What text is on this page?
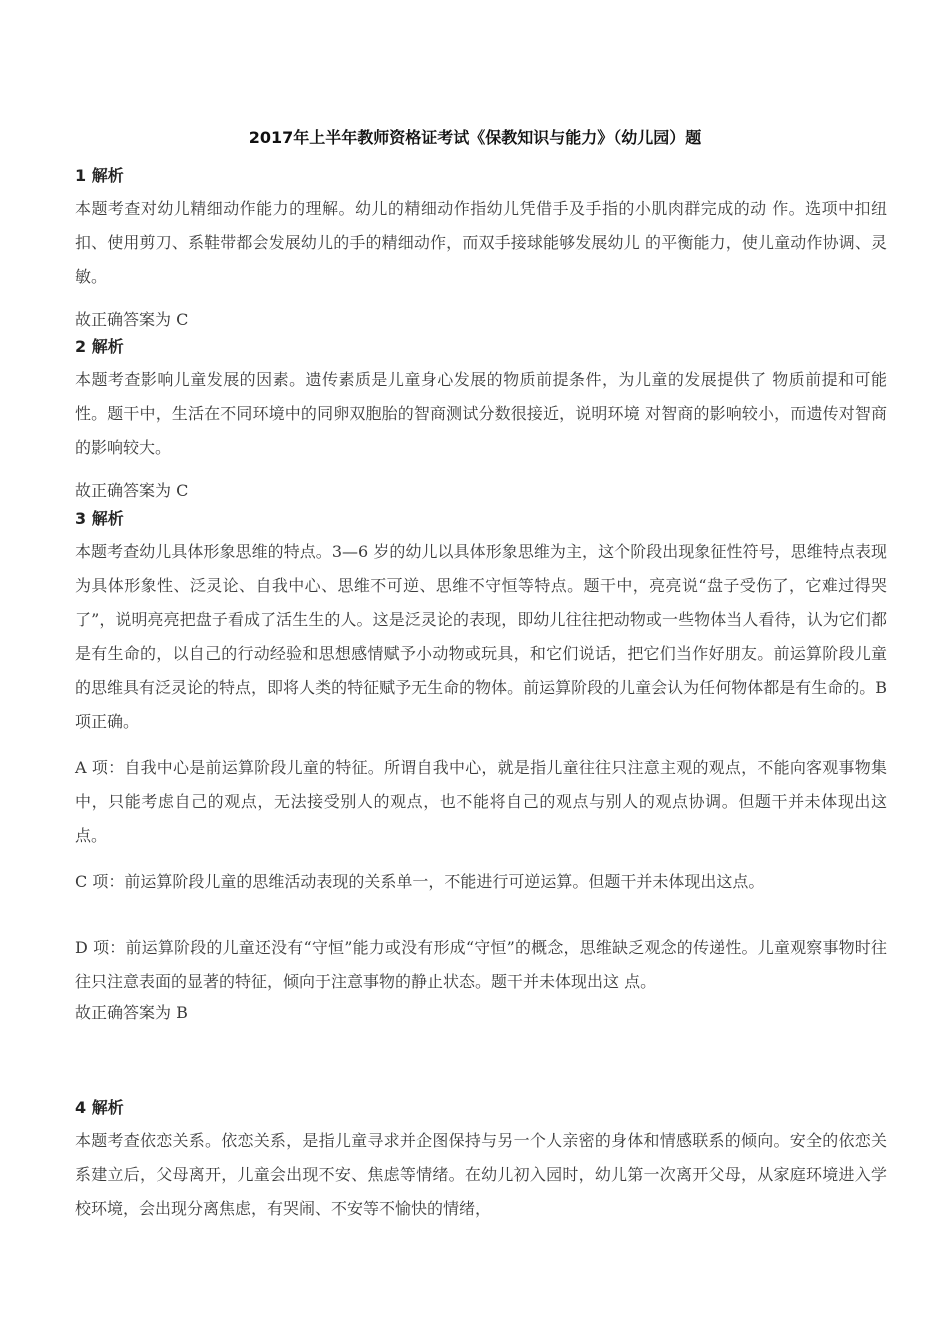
2017年上半年教师资格证考试《保教知识与能力》（幼儿园）题
1 解析

本题考查对幼儿精细动作能力的理解。幼儿的精细动作指幼儿凭借手及手指的小肌肉群完成的动 作。选项中扣纽扣、使用剪刀、系鞋带都会发展幼儿的手的精细动作，而双手接球能够发展幼儿 的平衡能力，使儿童动作协调、灵敏。

故正确答案为 C
2 解析

本题考查影响儿童发展的因素。遗传素质是儿童身心发展的物质前提条件，为儿童的发展提供了 物质前提和可能性。题干中，生活在不同环境中的同卵双胞胎的智商测试分数很接近，说明环境 对智商的影响较小，而遗传对智商的影响较大。

故正确答案为 C
3 解析

本题考查幼儿具体形象思维的特点。3—6 岁的幼儿以具体形象思维为主，这个阶段出现象征性符号，思维特点表现为具体形象性、泛灵论、自我中心、思维不可逆、思维不守恒等特点。题干中，亮亮说“盘子受伤了，它难过得哭了”，说明亮亮把盘子看成了活生生的人。这是泛灵论的表现，即幼儿往往把动物或一些物体当人看待，认为它们都是有生命的，以自己的行动经验和思想感情赋予小动物或玩具，和它们说话，把它们当作好朋友。前运算阶段儿童的思维具有泛灵论的特点，即将人类的特征赋予无生命的物体。前运算阶段的儿童会认为任何物体都是有生命的。B 项正确。

A 项：自我中心是前运算阶段儿童的特征。所谓自我中心，就是指儿童往往只注意主观的观点，不能向客观事物集中，只能考虑自己的观点，无法接受别人的观点，也不能将自己的观点与别人的观点协调。但题干并未体现出这点。

C 项：前运算阶段儿童的思维活动表现的关系单一，不能进行可逆运算。但题干并未体现出这点。

D 项：前运算阶段的儿童还没有“守恒”能力或没有形成“守恒”的概念，思维缺乏观念的传递性。儿童观察事物时往往只注意表面的显著的特征，倾向于注意事物的静止状态。题干并未体现出这 点。

故正确答案为 B
4 解析

本题考查依恋关系。依恋关系，是指儿童寻求并企图保持与另一个人亲密的身体和情感联系的倾向。安全的依恋关系建立后，父母离开，儿童会出现不安、焦虑等情绪。在幼儿初入园时，幼儿第一次离开父母，从家庭环境进入学校环境，会出现分离焦虑，有哭闹、不安等不愉快的情绪，
